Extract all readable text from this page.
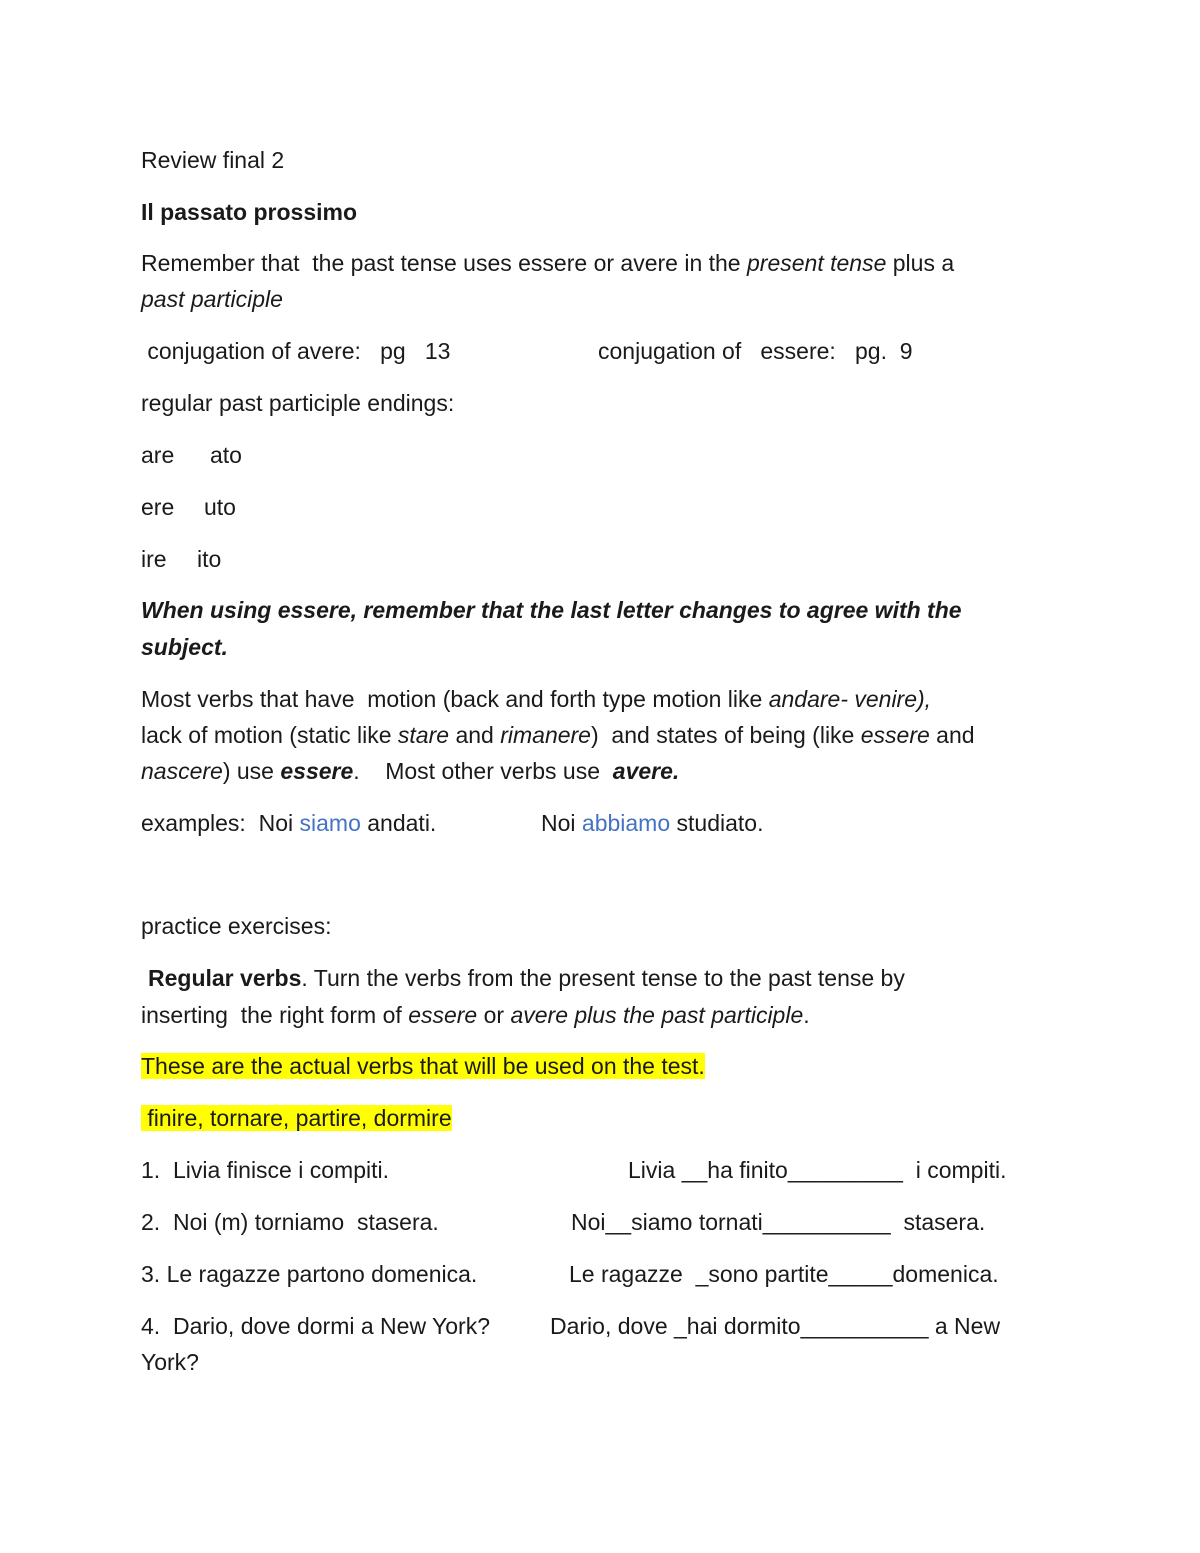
Review final 2
Il passato prossimo
Remember that  the past tense uses essere or avere in the present tense plus a
past participle
conjugation of avere:   pg   13	conjugation of   essere:   pg.  9
regular past participle endings:
are ato
ere uto
ire ito
When using essere, remember that the last letter changes to agree with the
subject.
Most verbs that have  motion (back and forth type motion like andare- venire),
lack of motion (static like stare and rimanere)  and states of being (like essere and
nascere) use essere.    Most other verbs use  avere.
examples:  Noi siamo andati.	Noi abbiamo studiato.
practice exercises:
Regular verbs. Turn the verbs from the present tense to the past tense by
inserting  the right form of essere or avere plus the past participle.
These are the actual verbs that will be used on the test.
finire, tornare, partire, dormire
1.  Livia finisce i compiti.	Livia __ha finito_________  i compiti.
2.  Noi (m) torniamo  stasera.	Noi__siamo tornati__________  stasera.
3. Le ragazze partono domenica.	Le ragazze  _sono partite_____domenica.
4.  Dario, dove dormi a New York?	Dario, dove _hai dormito__________ a New
York?
